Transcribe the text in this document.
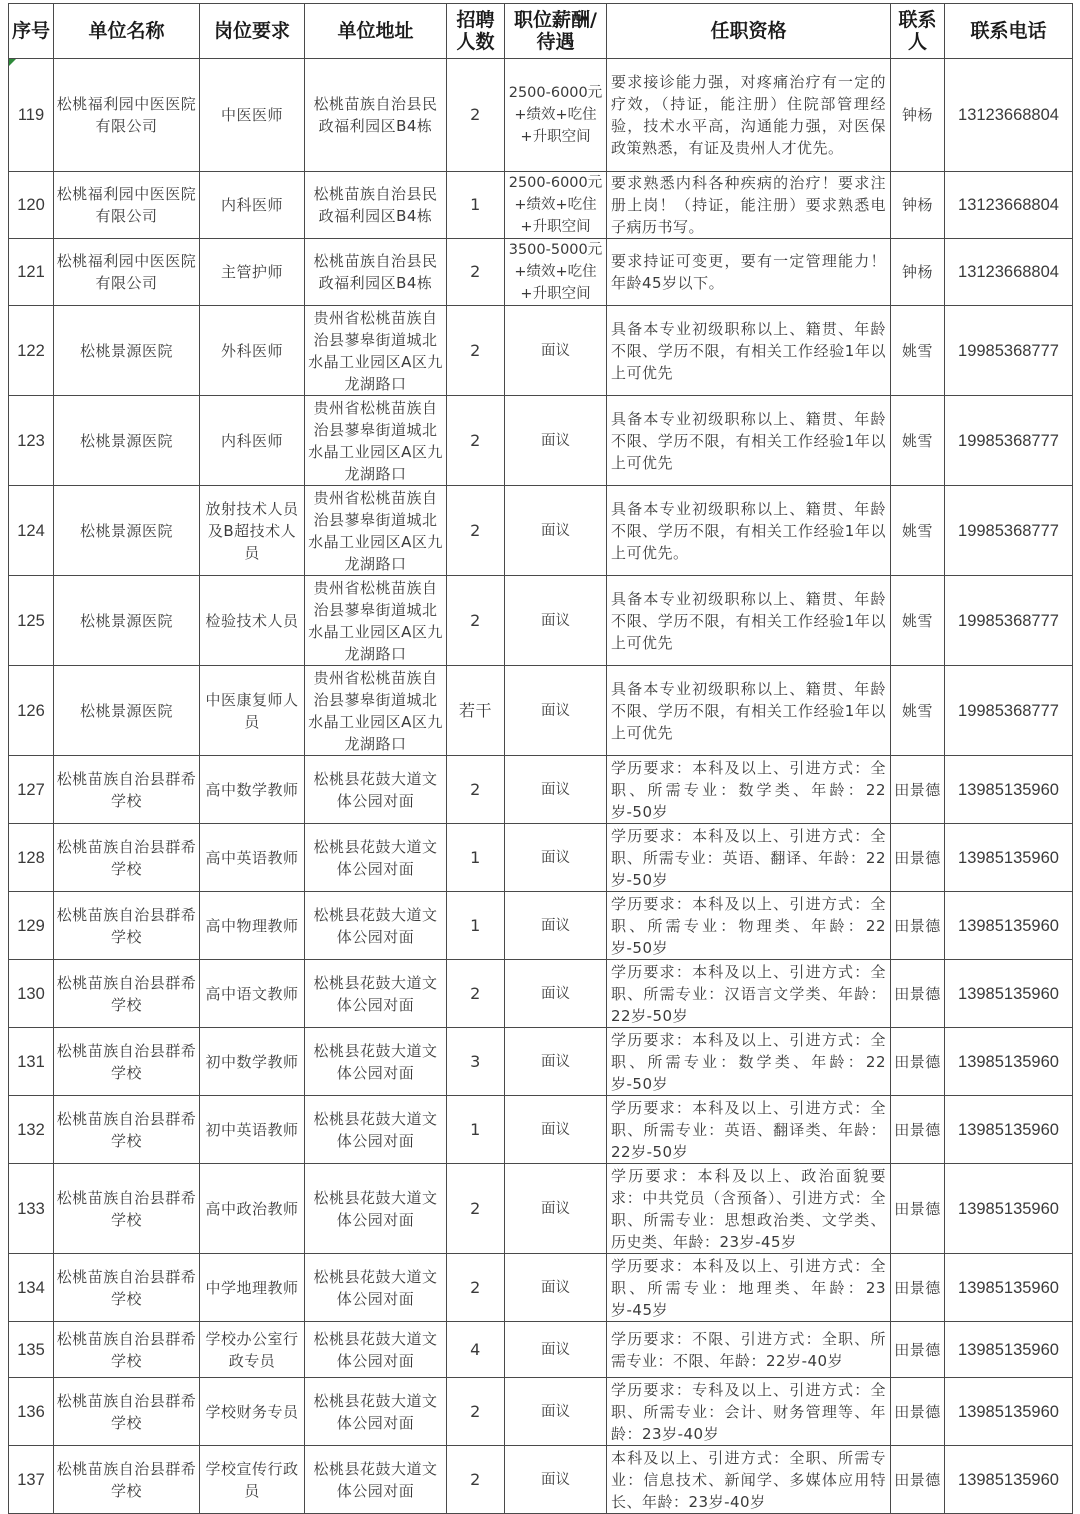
序号	单位名称	岗位要求	单位地址	招聘人数	职位薪酬/待遇	任职资格	联系人	联系电话
119	松桃福利园中医医院有限公司	中医医师	松桃苗族自治县民政福利园区B4栋	2	2500-6000元+绩效+吃住+升职空间	要求接诊能力强，对疼痛治疗有一定的疗效，（持证，能注册）住院部管理经验，技术水平高，沟通能力强，对医保政策熟悉，有证及贵州人才优先。	钟杨	13123668804
120	松桃福利园中医医院有限公司	内科医师	松桃苗族自治县民政福利园区B4栋	1	2500-6000元+绩效+吃住+升职空间	要求熟悉内科各种疾病的治疗！要求注册上岗！（持证，能注册）要求熟悉电子病历书写。	钟杨	13123668804
121	松桃福利园中医医院有限公司	主管护师	松桃苗族自治县民政福利园区B4栋	2	3500-5000元+绩效+吃住+升职空间	要求持证可变更，要有一定管理能力！年龄45岁以下。	钟杨	13123668804
122	松桃景源医院	外科医师	贵州省松桃苗族自治县蓼皋街道城北水晶工业园区A区九龙湖路口	2	面议	具备本专业初级职称以上、籍贯、年龄不限、学历不限，有相关工作经验1年以上可优先	姚雪	19985368777
123	松桃景源医院	内科医师	贵州省松桃苗族自治县蓼皋街道城北水晶工业园区A区九龙湖路口	2	面议	具备本专业初级职称以上、籍贯、年龄不限、学历不限，有相关工作经验1年以上可优先	姚雪	19985368777
124	松桃景源医院	放射技术人员及B超技术人员	贵州省松桃苗族自治县蓼皋街道城北水晶工业园区A区九龙湖路口	2	面议	具备本专业初级职称以上、籍贯、年龄不限、学历不限，有相关工作经验1年以上可优先。	姚雪	19985368777
125	松桃景源医院	检验技术人员	贵州省松桃苗族自治县蓼皋街道城北水晶工业园区A区九龙湖路口	2	面议	具备本专业初级职称以上、籍贯、年龄不限、学历不限，有相关工作经验1年以上可优先	姚雪	19985368777
126	松桃景源医院	中医康复师人员	贵州省松桃苗族自治县蓼皋街道城北水晶工业园区A区九龙湖路口	若干	面议	具备本专业初级职称以上、籍贯、年龄不限、学历不限，有相关工作经验1年以上可优先	姚雪	19985368777
127	松桃苗族自治县群希学校	高中数学教师	松桃县花鼓大道文体公园对面	2	面议	学历要求：本科及以上、引进方式：全职、所需专业：数学类、年龄：22岁-50岁	田景德	13985135960
128	松桃苗族自治县群希学校	高中英语教师	松桃县花鼓大道文体公园对面	1	面议	学历要求：本科及以上、引进方式：全职、所需专业：英语、翻译、年龄：22岁-50岁	田景德	13985135960
129	松桃苗族自治县群希学校	高中物理教师	松桃县花鼓大道文体公园对面	1	面议	学历要求：本科及以上、引进方式：全职、所需专业：物理类、年龄：22岁-50岁	田景德	13985135960
130	松桃苗族自治县群希学校	高中语文教师	松桃县花鼓大道文体公园对面	2	面议	学历要求：本科及以上、引进方式：全职、所需专业：汉语言文学类、年龄：22岁-50岁	田景德	13985135960
131	松桃苗族自治县群希学校	初中数学教师	松桃县花鼓大道文体公园对面	3	面议	学历要求：本科及以上、引进方式：全职、所需专业：数学类、年龄：22岁-50岁	田景德	13985135960
132	松桃苗族自治县群希学校	初中英语教师	松桃县花鼓大道文体公园对面	1	面议	学历要求：本科及以上、引进方式：全职、所需专业：英语、翻译类、年龄：22岁-50岁	田景德	13985135960
133	松桃苗族自治县群希学校	高中政治教师	松桃县花鼓大道文体公园对面	2	面议	学历要求：本科及以上、政治面貌要求：中共党员（含预备）、引进方式：全职、所需专业：思想政治类、文学类、历史类、年龄：23岁-45岁	田景德	13985135960
134	松桃苗族自治县群希学校	中学地理教师	松桃县花鼓大道文体公园对面	2	面议	学历要求：本科及以上、引进方式：全职、所需专业：地理类、年龄：23岁-45岁	田景德	13985135960
135	松桃苗族自治县群希学校	学校办公室行政专员	松桃县花鼓大道文体公园对面	4	面议	学历要求：不限、引进方式：全职、所需专业：不限、年龄：22岁-40岁	田景德	13985135960
136	松桃苗族自治县群希学校	学校财务专员	松桃县花鼓大道文体公园对面	2	面议	学历要求：专科及以上、引进方式：全职、所需专业：会计、财务管理等、年龄：23岁-40岁	田景德	13985135960
137	松桃苗族自治县群希学校	学校宣传行政员	松桃县花鼓大道文体公园对面	2	面议	本科及以上、引进方式：全职、所需专业：信息技术、新闻学、多媒体应用特长、年龄：23岁-40岁	田景德	13985135960
